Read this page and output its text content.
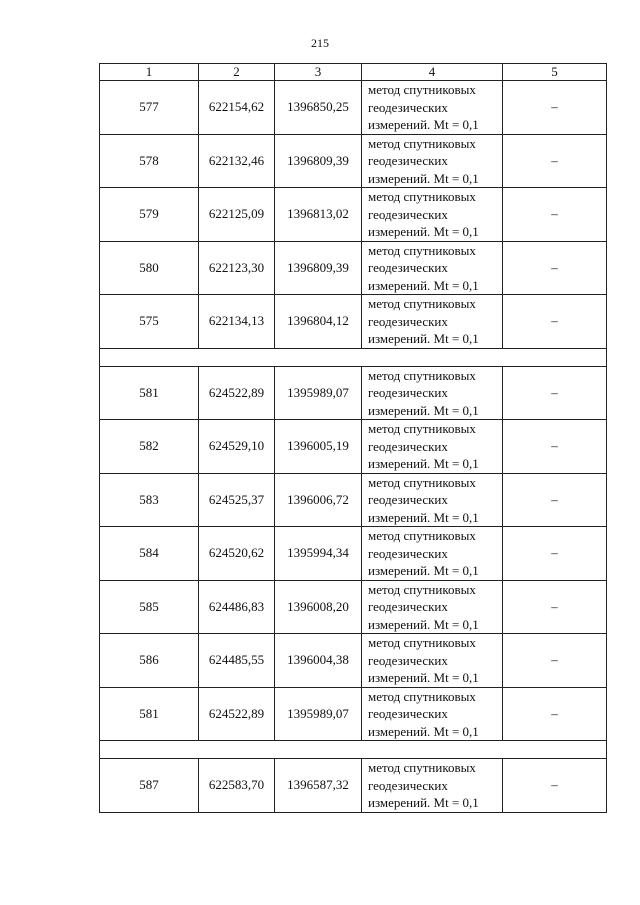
215
1	2	3	4	5
577	622154,62	1396850,25	метод спутниковых
геодезических
измерений. Mt = 0,1	–
578	622132,46	1396809,39	метод спутниковых
геодезических
измерений. Mt = 0,1	–
579	622125,09	1396813,02	метод спутниковых
геодезических
измерений. Mt = 0,1	–
580	622123,30	1396809,39	метод спутниковых
геодезических
измерений. Mt = 0,1	–
575	622134,13	1396804,12	метод спутниковых
геодезических
измерений. Mt = 0,1	–

581	624522,89	1395989,07	метод спутниковых
геодезических
измерений. Mt = 0,1	–
582	624529,10	1396005,19	метод спутниковых
геодезических
измерений. Mt = 0,1	–
583	624525,37	1396006,72	метод спутниковых
геодезических
измерений. Mt = 0,1	–
584	624520,62	1395994,34	метод спутниковых
геодезических
измерений. Mt = 0,1	–
585	624486,83	1396008,20	метод спутниковых
геодезических
измерений. Mt = 0,1	–
586	624485,55	1396004,38	метод спутниковых
геодезических
измерений. Mt = 0,1	–
581	624522,89	1395989,07	метод спутниковых
геодезических
измерений. Mt = 0,1	–

587	622583,70	1396587,32	метод спутниковых
геодезических
измерений. Mt = 0,1	–
